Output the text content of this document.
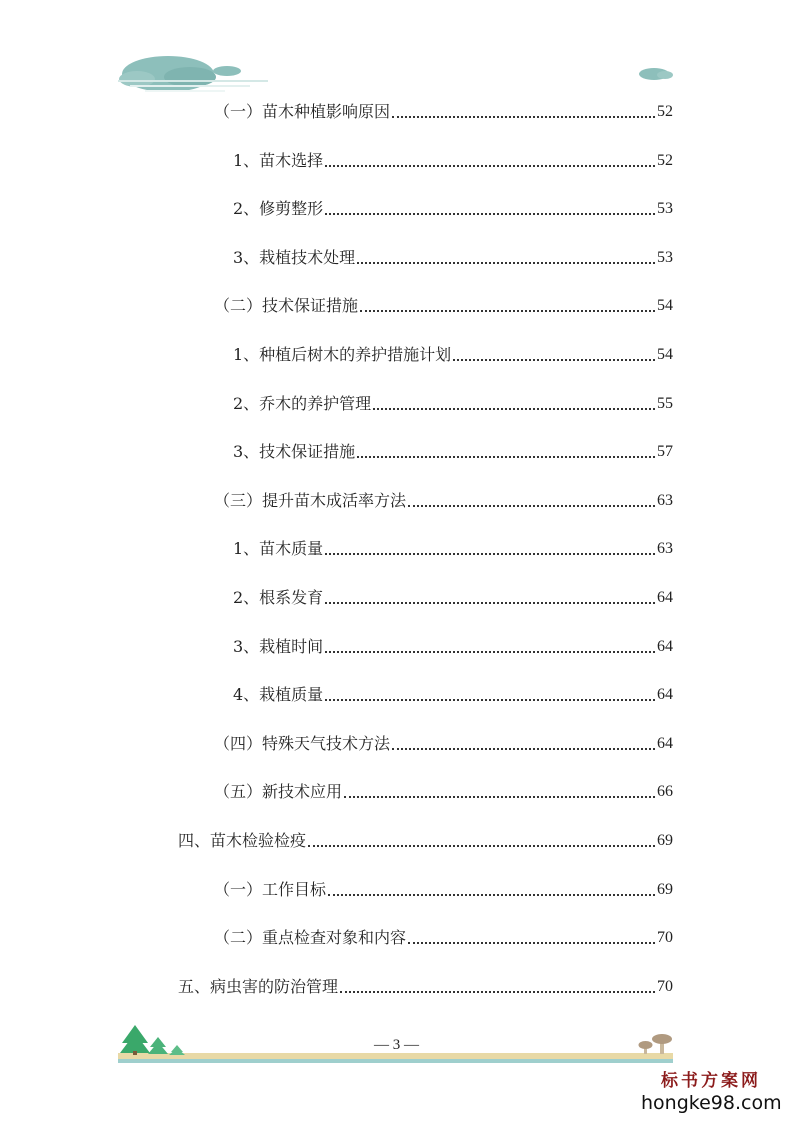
（一）苗木种植影响原因	52
1、苗木选择	52
2、修剪整形	53
3、栽植技术处理	53
（二）技术保证措施	54
1、种植后树木的养护措施计划	54
2、乔木的养护管理	55
3、技术保证措施	57
（三）提升苗木成活率方法	63
1、苗木质量	63
2、根系发育	64
3、栽植时间	64
4、栽植质量	64
（四）特殊天气技术方法	64
（五）新技术应用	66
四、苗木检验检疫	69
（一）工作目标	69
（二）重点检查对象和内容	70
五、病虫害的防治管理	70
— 3 —
标书方案网
hongke98.com
